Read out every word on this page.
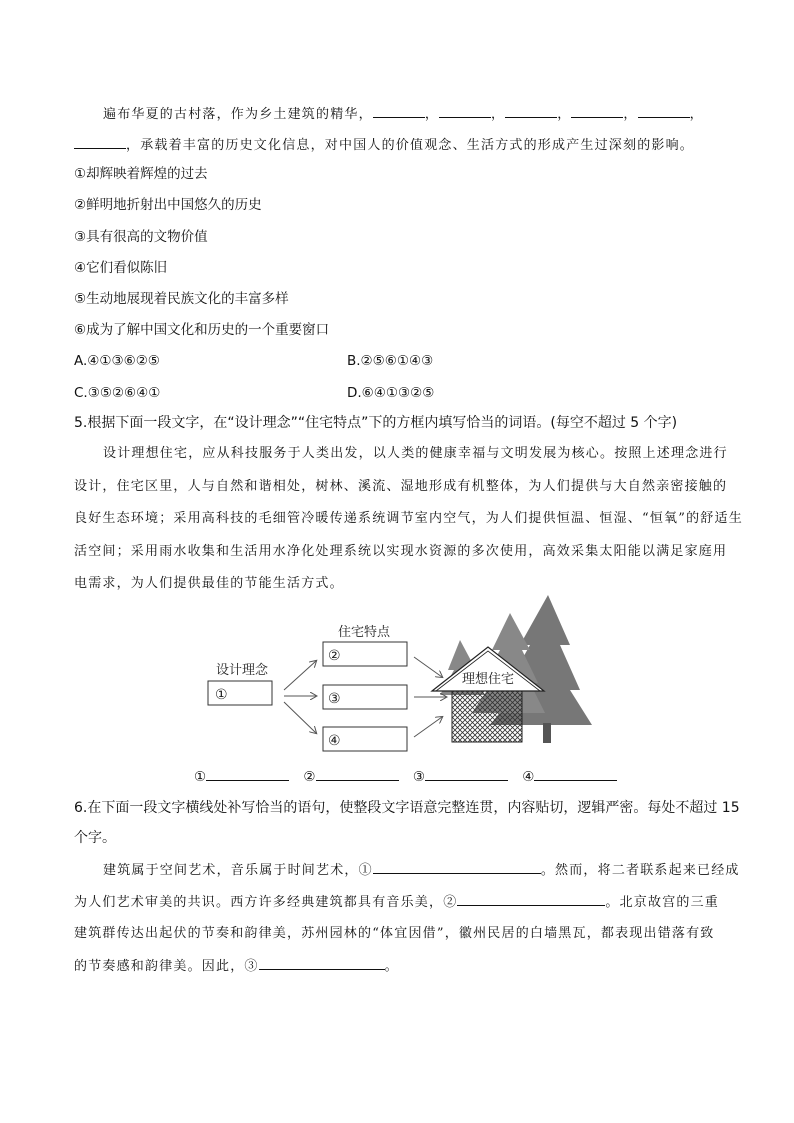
遍布华夏的古村落，作为乡土建筑的精华，	，	，	，	，	，
，承载着丰富的历史文化信息，对中国人的价值观念、生活方式的形成产生过深刻的影响。
①却辉映着辉煌的过去
②鲜明地折射出中国悠久的历史
③具有很高的文物价值
④它们看似陈旧
⑤生动地展现着民族文化的丰富多样
⑥成为了解中国文化和历史的一个重要窗口
A.④①③⑥②⑤	B.②⑤⑥①④③
C.③⑤②⑥④①	D.⑥④①③②⑤
5.根据下面一段文字，在“设计理念”“住宅特点”下的方框内填写恰当的词语。(每空不超过 5 个字)
设计理想住宅，应从科技服务于人类出发，以人类的健康幸福与文明发展为核心。按照上述理念进行
设计，住宅区里，人与自然和谐相处，树林、溪流、湿地形成有机整体，为人们提供与大自然亲密接触的
良好生态环境；采用高科技的毛细管冷暖传递系统调节室内空气，为人们提供恒温、恒湿、“恒氧”的舒适生
活空间；采用雨水收集和生活用水净化处理系统以实现水资源的多次使用，高效采集太阳能以满足家庭用
电需求，为人们提供最佳的节能生活方式。
理想住宅
设计理念
①
住宅特点
②
③
④
①	②	③	④
6.在下面一段文字横线处补写恰当的语句，使整段文字语意完整连贯，内容贴切，逻辑严密。每处不超过 15
个字。
建筑属于空间艺术，音乐属于时间艺术，①	。然而，将二者联系起来已经成
为人们艺术审美的共识。西方许多经典建筑都具有音乐美，②	。北京故宫的三重
建筑群传达出起伏的节奏和韵律美，苏州园林的“体宜因借”，徽州民居的白墙黑瓦，都表现出错落有致
的节奏感和韵律美。因此，③	。
